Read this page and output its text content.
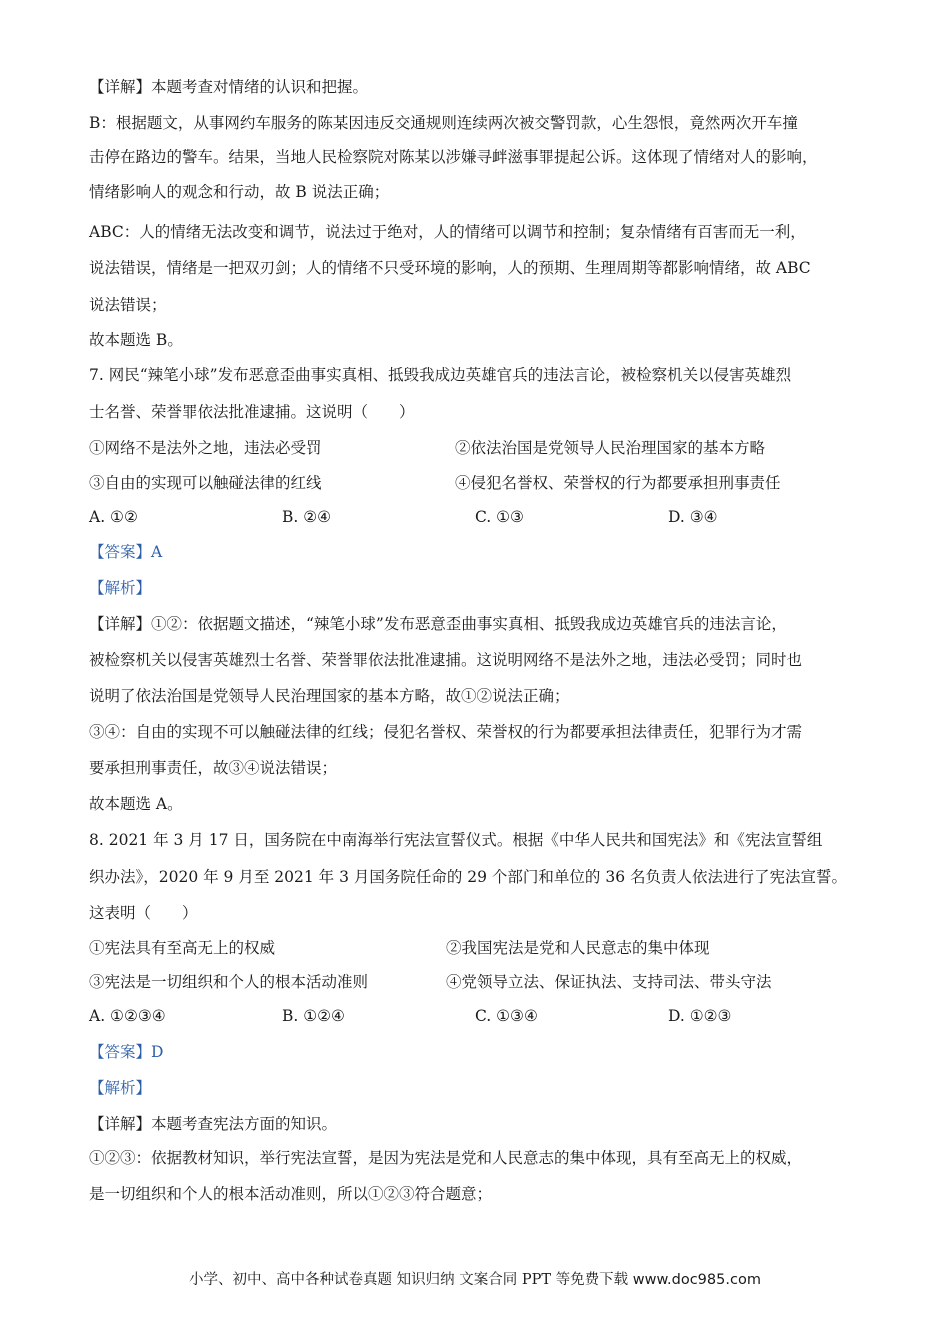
【详解】本题考查对情绪的认识和把握。
B：根据题文，从事网约车服务的陈某因违反交通规则连续两次被交警罚款，心生怨恨，竟然两次开车撞
击停在路边的警车。结果，当地人民检察院对陈某以涉嫌寻衅滋事罪提起公诉。这体现了情绪对人的影响，
情绪影响人的观念和行动，故 B 说法正确；
ABC：人的情绪无法改变和调节，说法过于绝对，人的情绪可以调节和控制；复杂情绪有百害而无一利，
说法错误，情绪是一把双刃剑；人的情绪不只受环境的影响，人的预期、生理周期等都影响情绪，故 ABC
说法错误；
故本题选 B。
7. 网民“辣笔小球”发布恶意歪曲事实真相、抵毁我成边英雄官兵的违法言论，被检察机关以侵害英雄烈
士名誉、荣誉罪依法批准逮捕。这说明（　　）
①网络不是法外之地，违法必受罚	②依法治国是党领导人民治理国家的基本方略
③自由的实现可以触碰法律的红线	④侵犯名誉权、荣誉权的行为都要承担刑事责任
A. ①②	B. ②④	C. ①③	D. ③④
【答案】A
【解析】
【详解】①②：依据题文描述，“辣笔小球”发布恶意歪曲事实真相、抵毁我成边英雄官兵的违法言论，
被检察机关以侵害英雄烈士名誉、荣誉罪依法批准逮捕。这说明网络不是法外之地，违法必受罚；同时也
说明了依法治国是党领导人民治理国家的基本方略，故①②说法正确；
③④：自由的实现不可以触碰法律的红线；侵犯名誉权、荣誉权的行为都要承担法律责任，犯罪行为才需
要承担刑事责任，故③④说法错误；
故本题选 A。
8. 2021 年 3 月 17 日，国务院在中南海举行宪法宣誓仪式。根据《中华人民共和国宪法》和《宪法宣誓组
织办法》，2020 年 9 月至 2021 年 3 月国务院任命的 29 个部门和单位的 36 名负责人依法进行了宪法宣誓。
这表明（　　）
①宪法具有至高无上的权威	②我国宪法是党和人民意志的集中体现
③宪法是一切组织和个人的根本活动准则	④党领导立法、保证执法、支持司法、带头守法
A. ①②③④	B. ①②④	C. ①③④	D. ①②③
【答案】D
【解析】
【详解】本题考查宪法方面的知识。
①②③：依据教材知识，举行宪法宣誓，是因为宪法是党和人民意志的集中体现，具有至高无上的权威，
是一切组织和个人的根本活动准则，所以①②③符合题意；
小学、初中、高中各种试卷真题 知识归纳 文案合同 PPT 等免费下载 www.doc985.com
